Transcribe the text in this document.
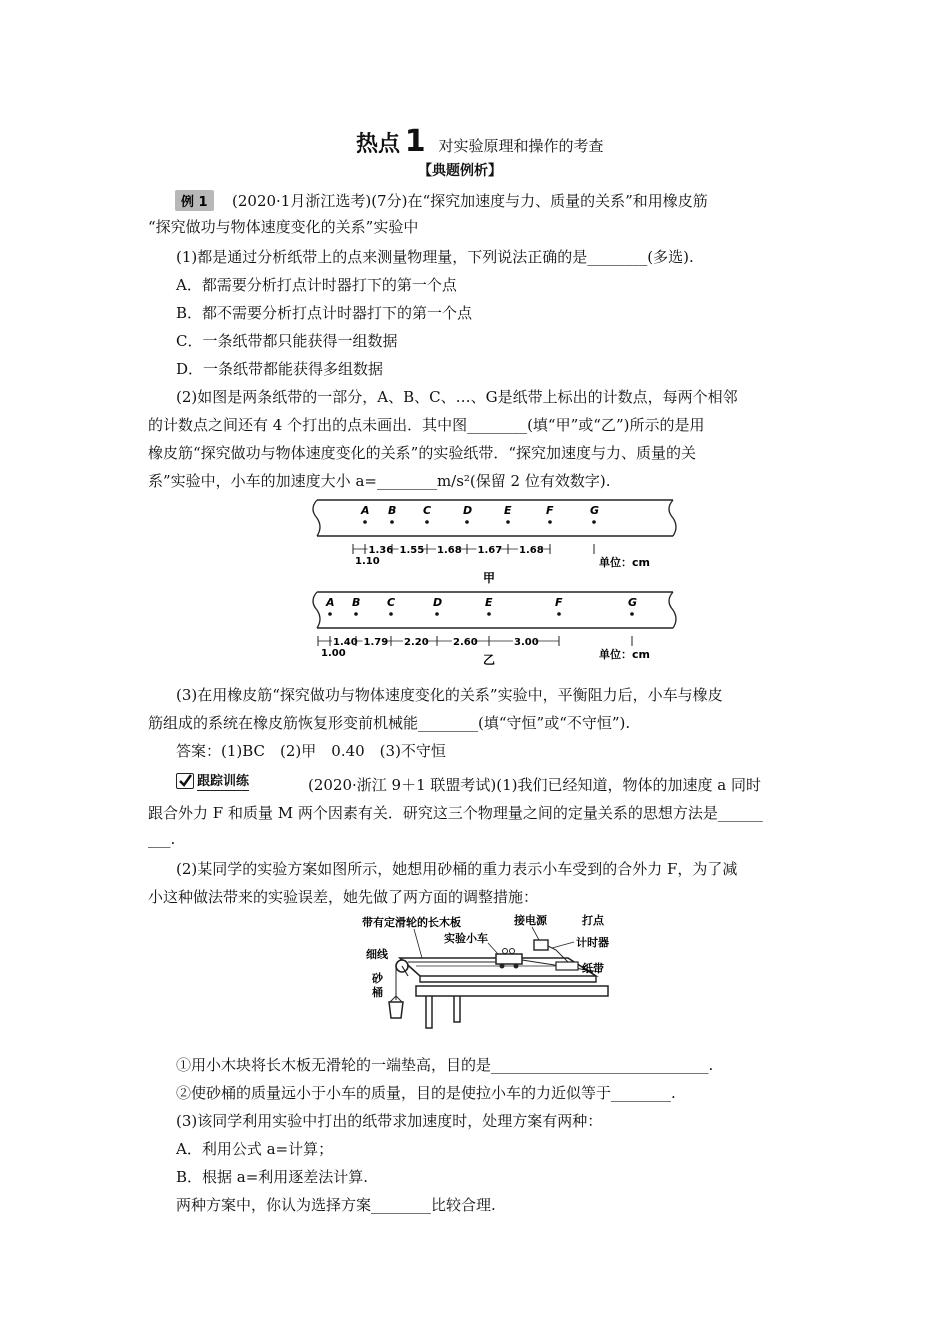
热点 1 对实验原理和操作的考查
【典题例析】
例 1	(2020·1月浙江选考)(7分)在“探究加速度与力、质量的关系”和用橡皮筋
“探究做功与物体速度变化的关系”实验中
(1)都是通过分析纸带上的点来测量物理量，下列说法正确的是________(多选).
A．都需要分析打点计时器打下的第一个点
B．都不需要分析打点计时器打下的第一个点
C．一条纸带都只能获得一组数据
D．一条纸带都能获得多组数据
(2)如图是两条纸带的一部分，A、B、C、…、G是纸带上标出的计数点，每两个相邻
的计数点之间还有 4 个打出的点未画出．其中图________(填“甲”或“乙”)所示的是用
橡皮筋“探究做功与物体速度变化的关系”的实验纸带．“探究加速度与力、质量的关
系”实验中，小车的加速度大小 a=________m/s²(保留 2 位有效数字).
A B C	D	E	F	G
1.10
1.36 1.55 1.68 1.67 1.68
单位：cm
甲
A B C	D	E	F	G
1.00
1.40 1.79 2.20 2.60	3.00
单位：cm
乙
(3)在用橡皮筋“探究做功与物体速度变化的关系”实验中，平衡阻力后，小车与橡皮
筋组成的系统在橡皮筋恢复形变前机械能________(填“守恒”或“不守恒”).
答案：(1)BC　(2)甲　0.40　(3)不守恒
跟踪训练	(2020·浙江 9＋1 联盟考试)(1)我们已经知道，物体的加速度 a 同时
跟合外力 F 和质量 M 两个因素有关．研究这三个物理量之间的定量关系的思想方法是______
___.
(2)某同学的实验方案如图所示，她想用砂桶的重力表示小车受到的合外力 F，为了减
小这种做法带来的实验误差，她先做了两方面的调整措施：
带有定滑轮的长木板	接电源	打点
计时器
实验小车
细线
砂
桶
纸带
①用小木块将长木板无滑轮的一端垫高，目的是_____________________________.
②使砂桶的质量远小于小车的质量，目的是使拉小车的力近似等于________.
(3)该同学利用实验中打出的纸带求加速度时，处理方案有两种：
A．利用公式 a=计算；
B．根据 a=利用逐差法计算.
两种方案中，你认为选择方案________比较合理.
